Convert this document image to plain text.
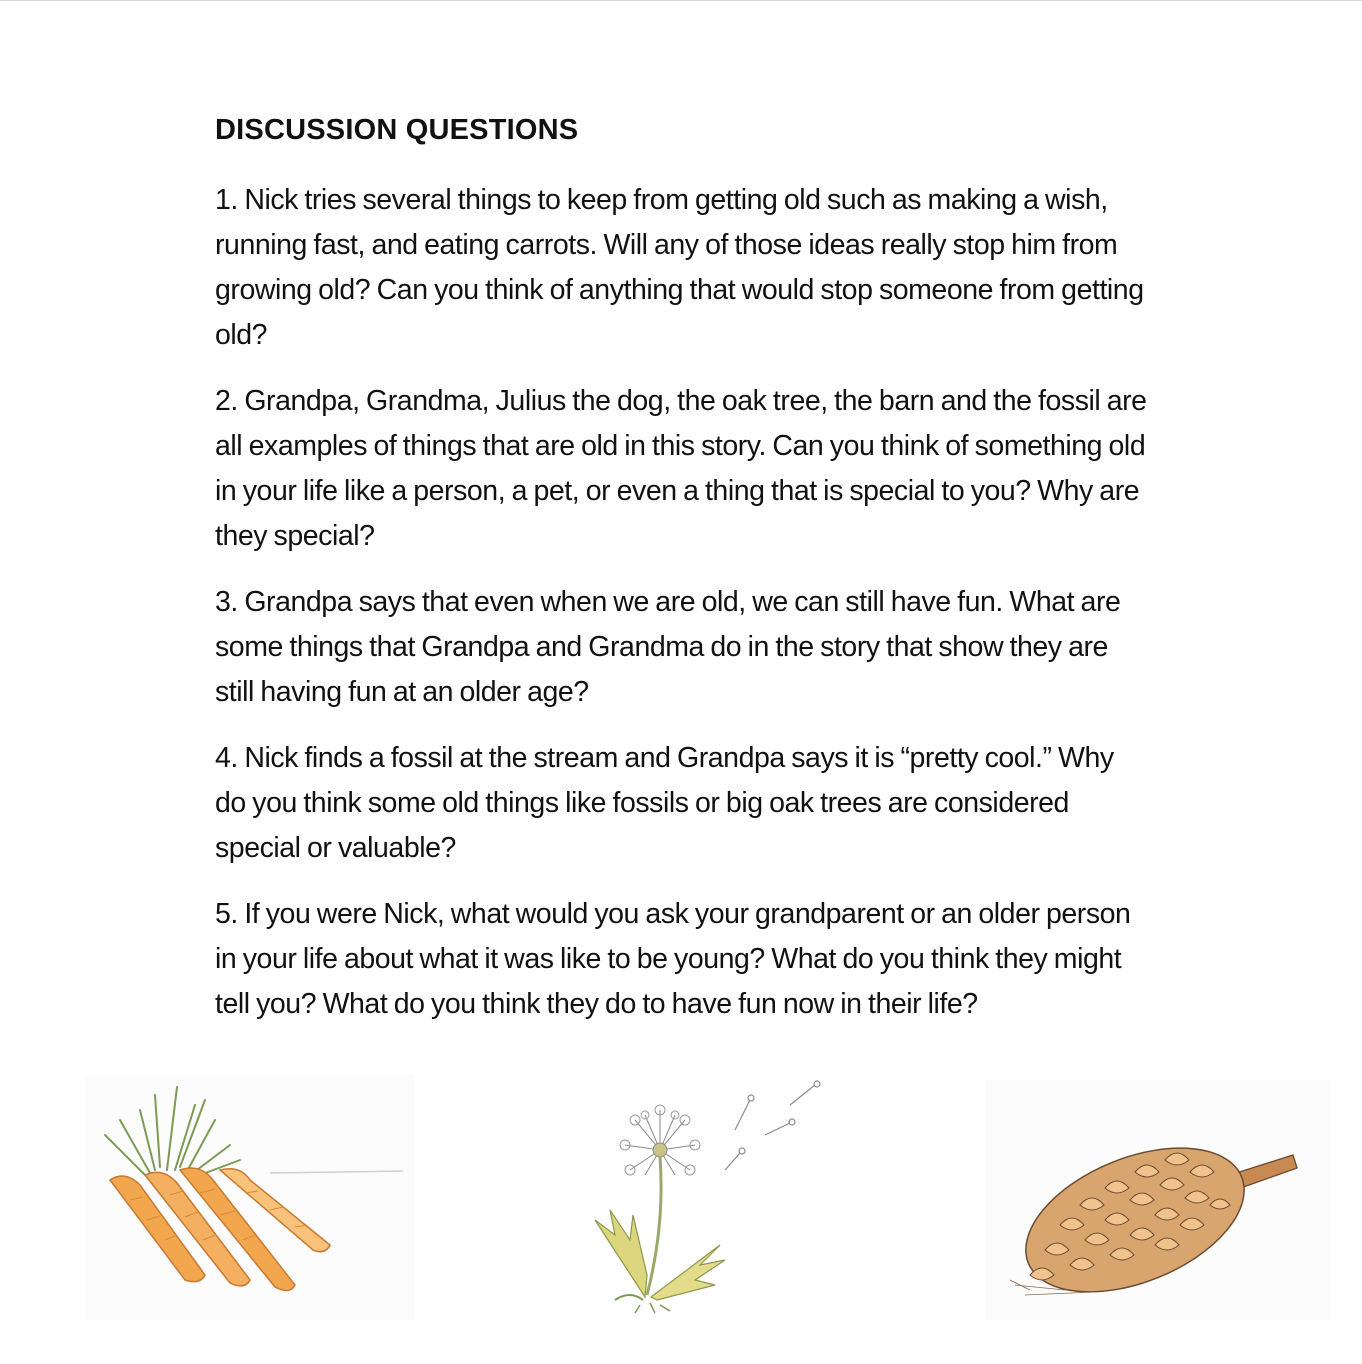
DISCUSSION QUESTIONS

1. Nick tries several things to keep from getting old such as making a wish, running fast, and eating carrots. Will any of those ideas really stop him from growing old? Can you think of anything that would stop someone from getting old?

2. Grandpa, Grandma, Julius the dog, the oak tree, the barn and the fossil are all examples of things that are old in this story. Can you think of something old in your life like a person, a pet, or even a thing that is special to you? Why are they special?

3. Grandpa says that even when we are old, we can still have fun. What are some things that Grandpa and Grandma do in the story that show they are still having fun at an older age?

4. Nick finds a fossil at the stream and Grandpa says it is “pretty cool.” Why do you think some old things like fossils or big oak trees are considered special or valuable?

5. If you were Nick, what would you ask your grandparent or an older person in your life about what it was like to be young? What do you think they might tell you? What do you think they do to have fun now in their life?
